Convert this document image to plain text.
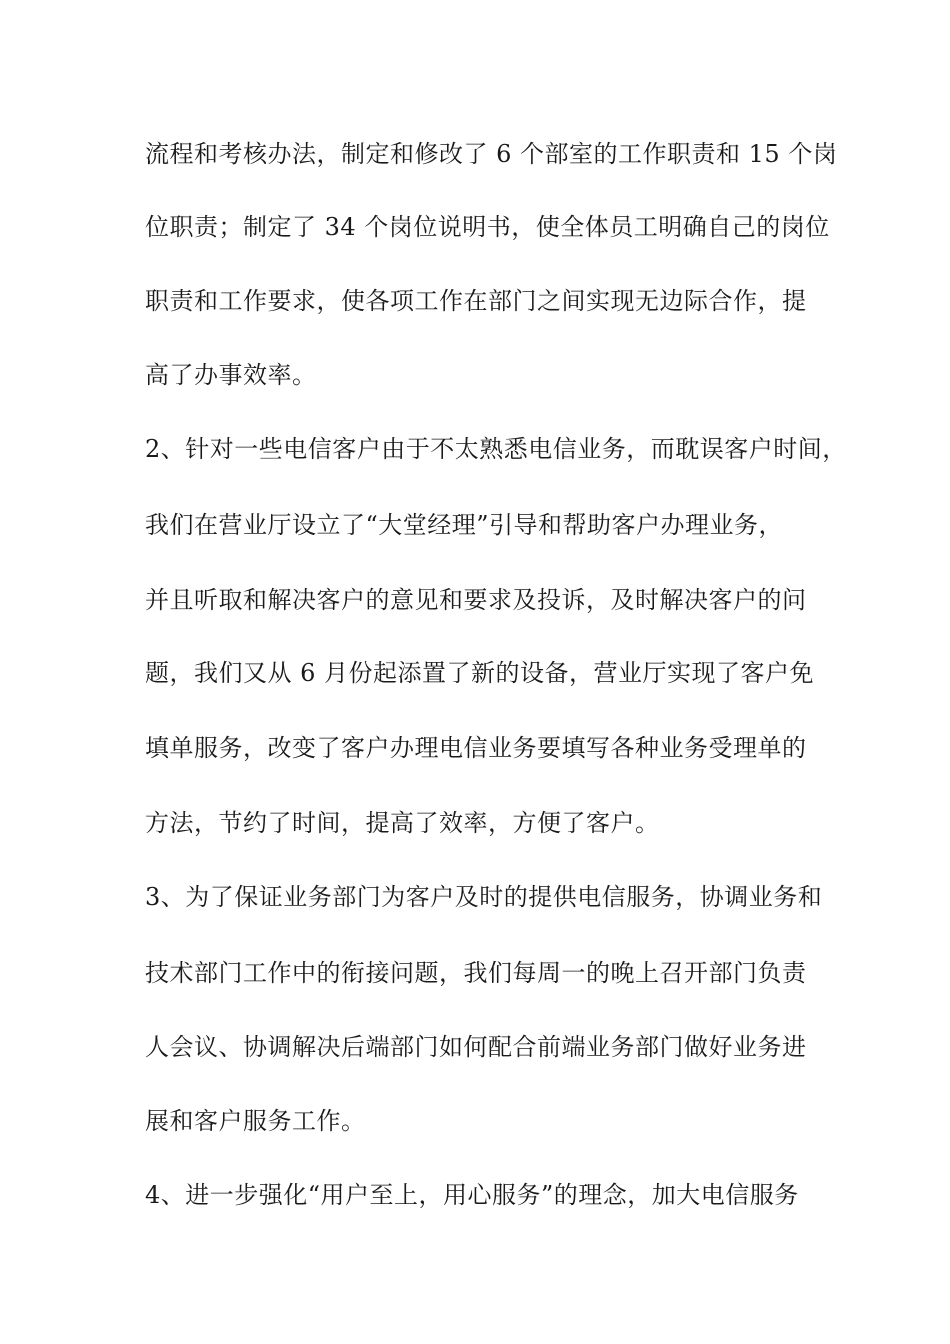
流程和考核办法，制定和修改了 6 个部室的工作职责和 15 个岗
位职责；制定了 34 个岗位说明书，使全体员工明确自己的岗位
职责和工作要求，使各项工作在部门之间实现无边际合作，提
高了办事效率。
2、针对一些电信客户由于不太熟悉电信业务，而耽误客户时间，
我们在营业厅设立了“大堂经理”引导和帮助客户办理业务，
并且听取和解决客户的意见和要求及投诉，及时解决客户的问
题，我们又从 6 月份起添置了新的设备，营业厅实现了客户免
填单服务，改变了客户办理电信业务要填写各种业务受理单的
方法，节约了时间，提高了效率，方便了客户。
3、为了保证业务部门为客户及时的提供电信服务，协调业务和
技术部门工作中的衔接问题，我们每周一的晚上召开部门负责
人会议、协调解决后端部门如何配合前端业务部门做好业务进
展和客户服务工作。
4、进一步强化“用户至上，用心服务”的理念，加大电信服务
